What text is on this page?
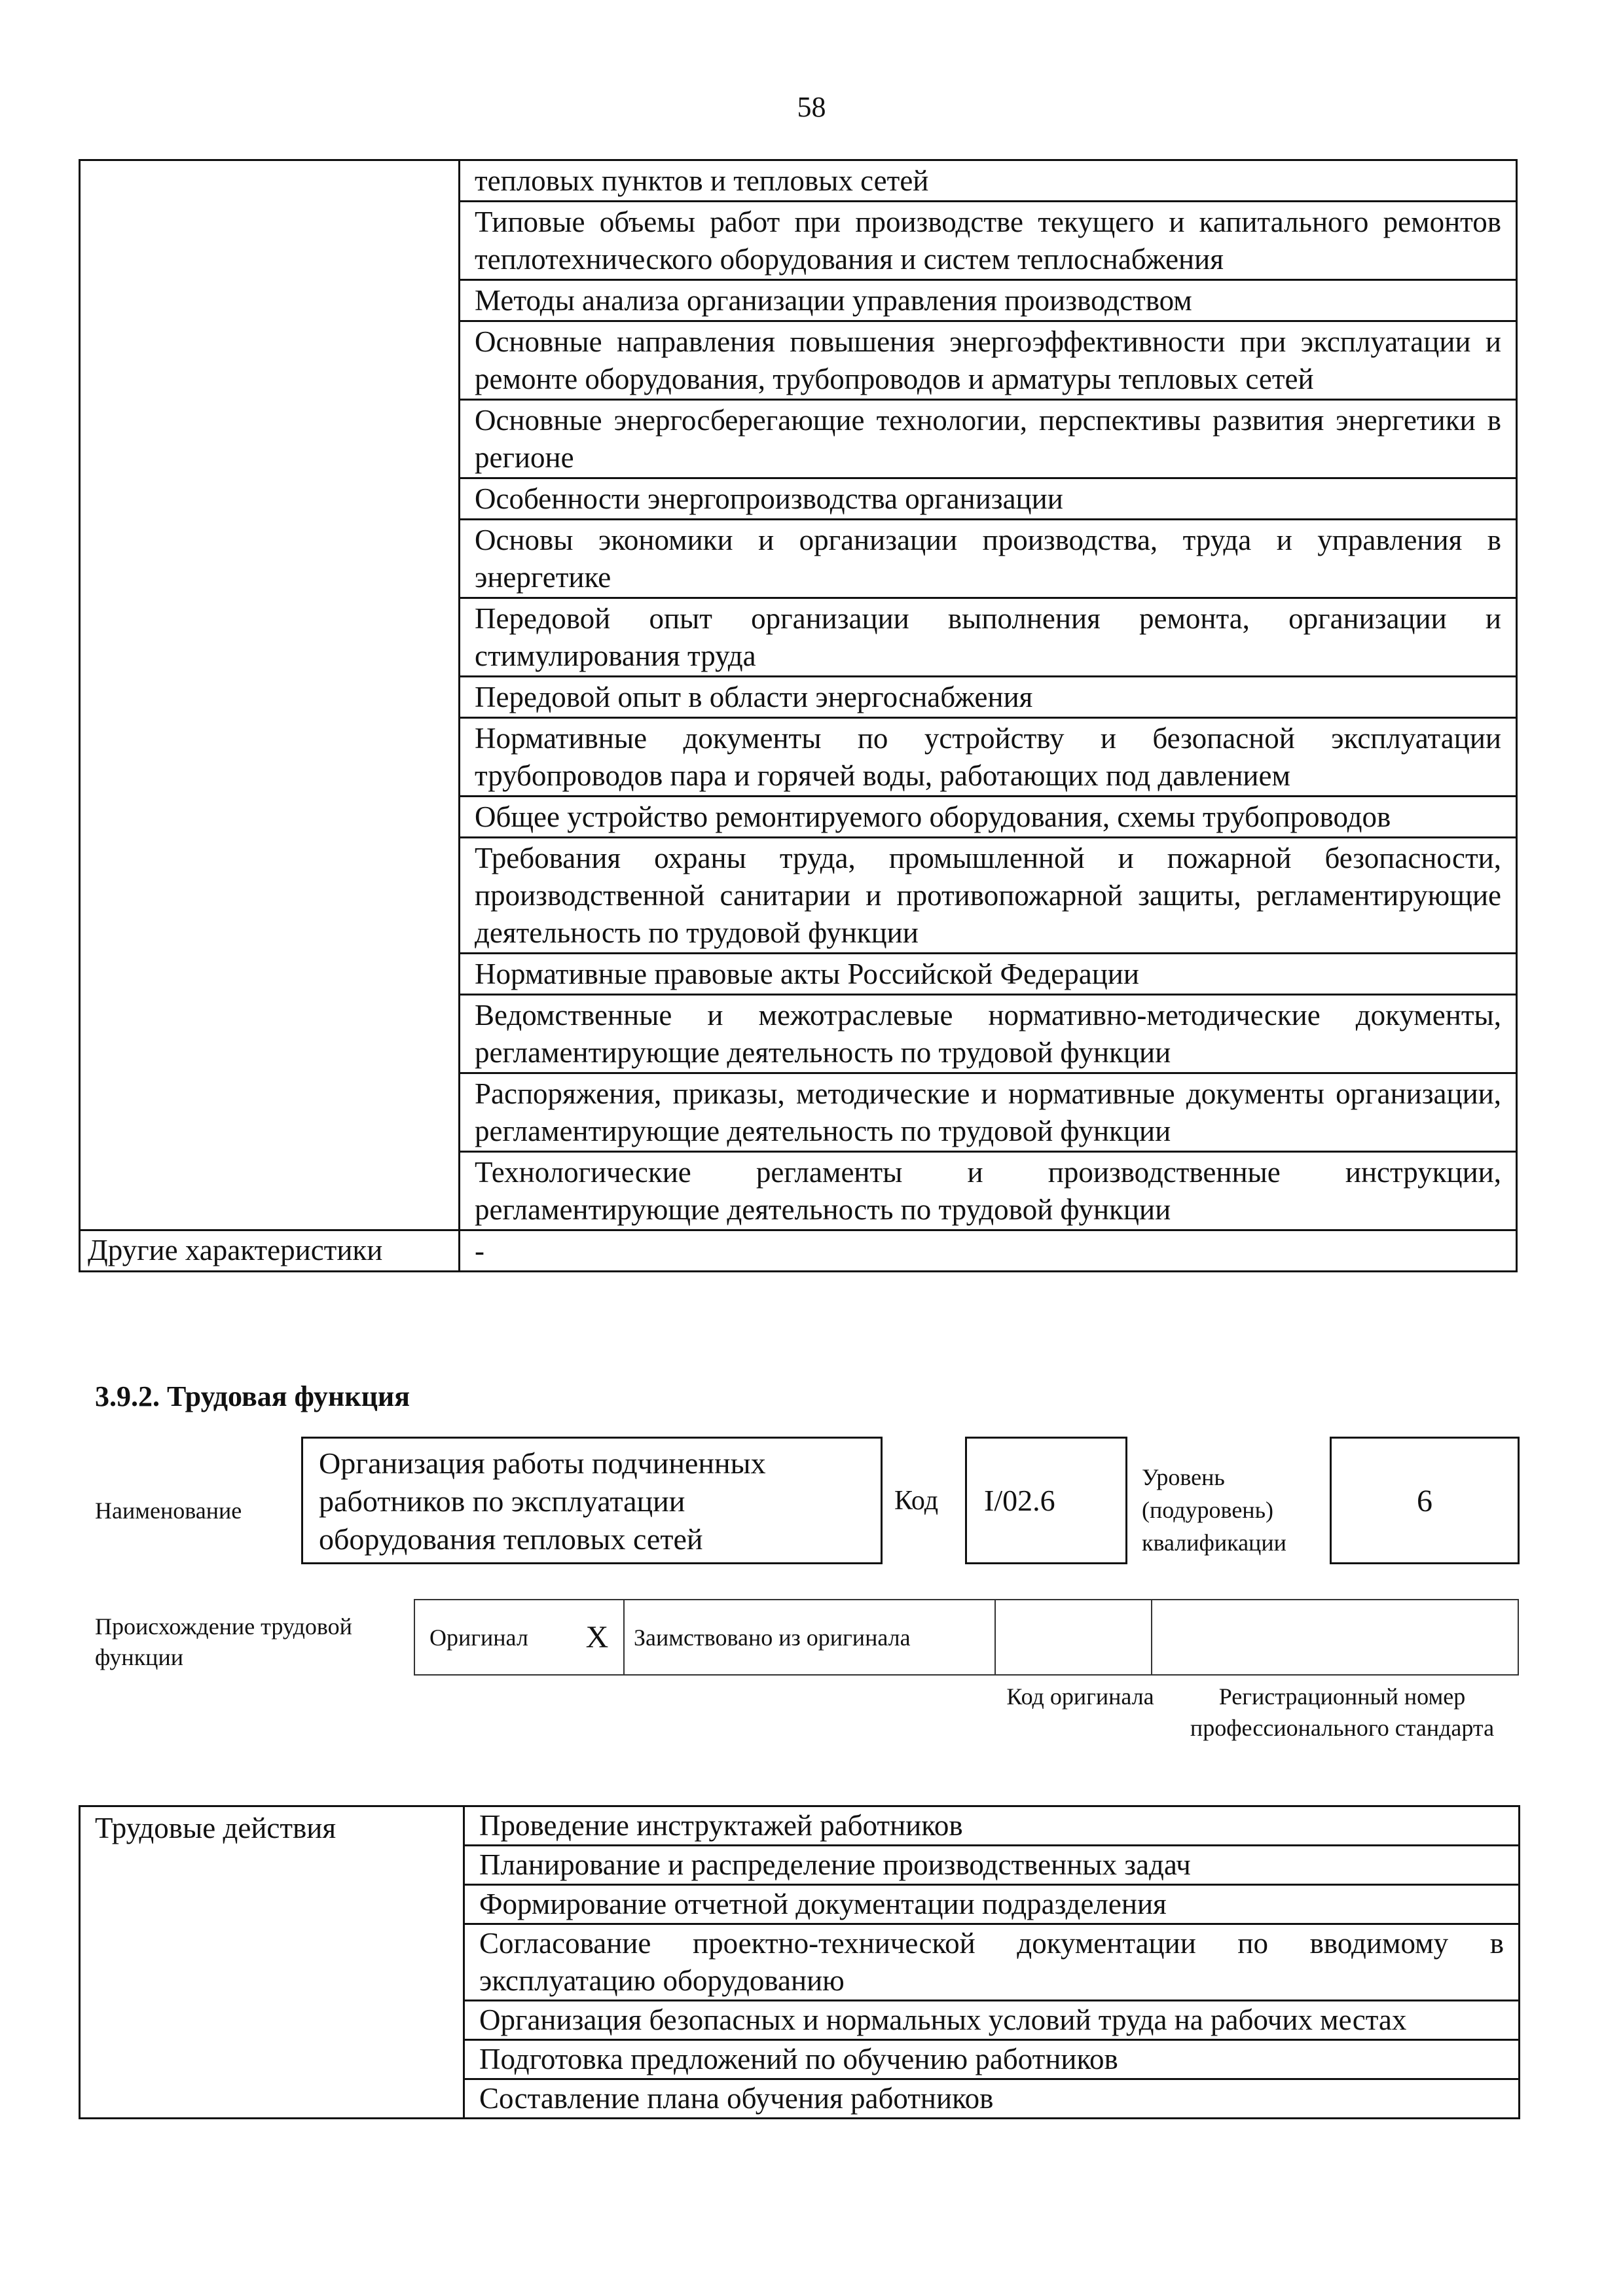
58
	тепловых пунктов и тепловых сетей
	Типовые объемы работ при производстве текущего и капитального ремонтов теплотехнического оборудования и систем теплоснабжения
	Методы анализа организации управления производством
	Основные направления повышения энергоэффективности при эксплуатации и ремонте оборудования, трубопроводов и арматуры тепловых сетей
	Основные энергосберегающие технологии, перспективы развития энергетики в регионе
	Особенности энергопроизводства организации
	Основы экономики и организации производства, труда и управления в энергетике
	Передовой опыт организации выполнения ремонта, организации и стимулирования труда
	Передовой опыт в области энергоснабжения
	Нормативные документы по устройству и безопасной эксплуатации трубопроводов пара и горячей воды, работающих под давлением
	Общее устройство ремонтируемого оборудования, схемы трубопроводов
	Требования охраны труда, промышленной и пожарной безопасности, производственной санитарии и противопожарной защиты, регламентирующие деятельность по трудовой функции
	Нормативные правовые акты Российской Федерации
	Ведомственные и межотраслевые нормативно-методические документы, регламентирующие деятельность по трудовой функции
	Распоряжения, приказы, методические и нормативные документы организации, регламентирующие деятельность по трудовой функции
	Технологические регламенты и производственные инструкции, регламентирующие деятельность по трудовой функции

Другие характеристики	-
3.9.2. Трудовая функция
Наименование
Организация работы подчиненных работников по эксплуатации оборудования тепловых сетей
Код	I/02.6
Уровень (подуровень) квалификации
6
Происхождение трудовой функции
Оригинал	X	Заимствовано из оригинала		
Код оригинала	Регистрационный номер профессионального стандарта
Трудовые действия	Проведение инструктажей работников
Планирование и распределение производственных задач
Формирование отчетной документации подразделения
Согласование проектно-технической документации по вводимому в эксплуатацию оборудованию
Организация безопасных и нормальных условий труда на рабочих местах
Подготовка предложений по обучению работников
Составление плана обучения работников
